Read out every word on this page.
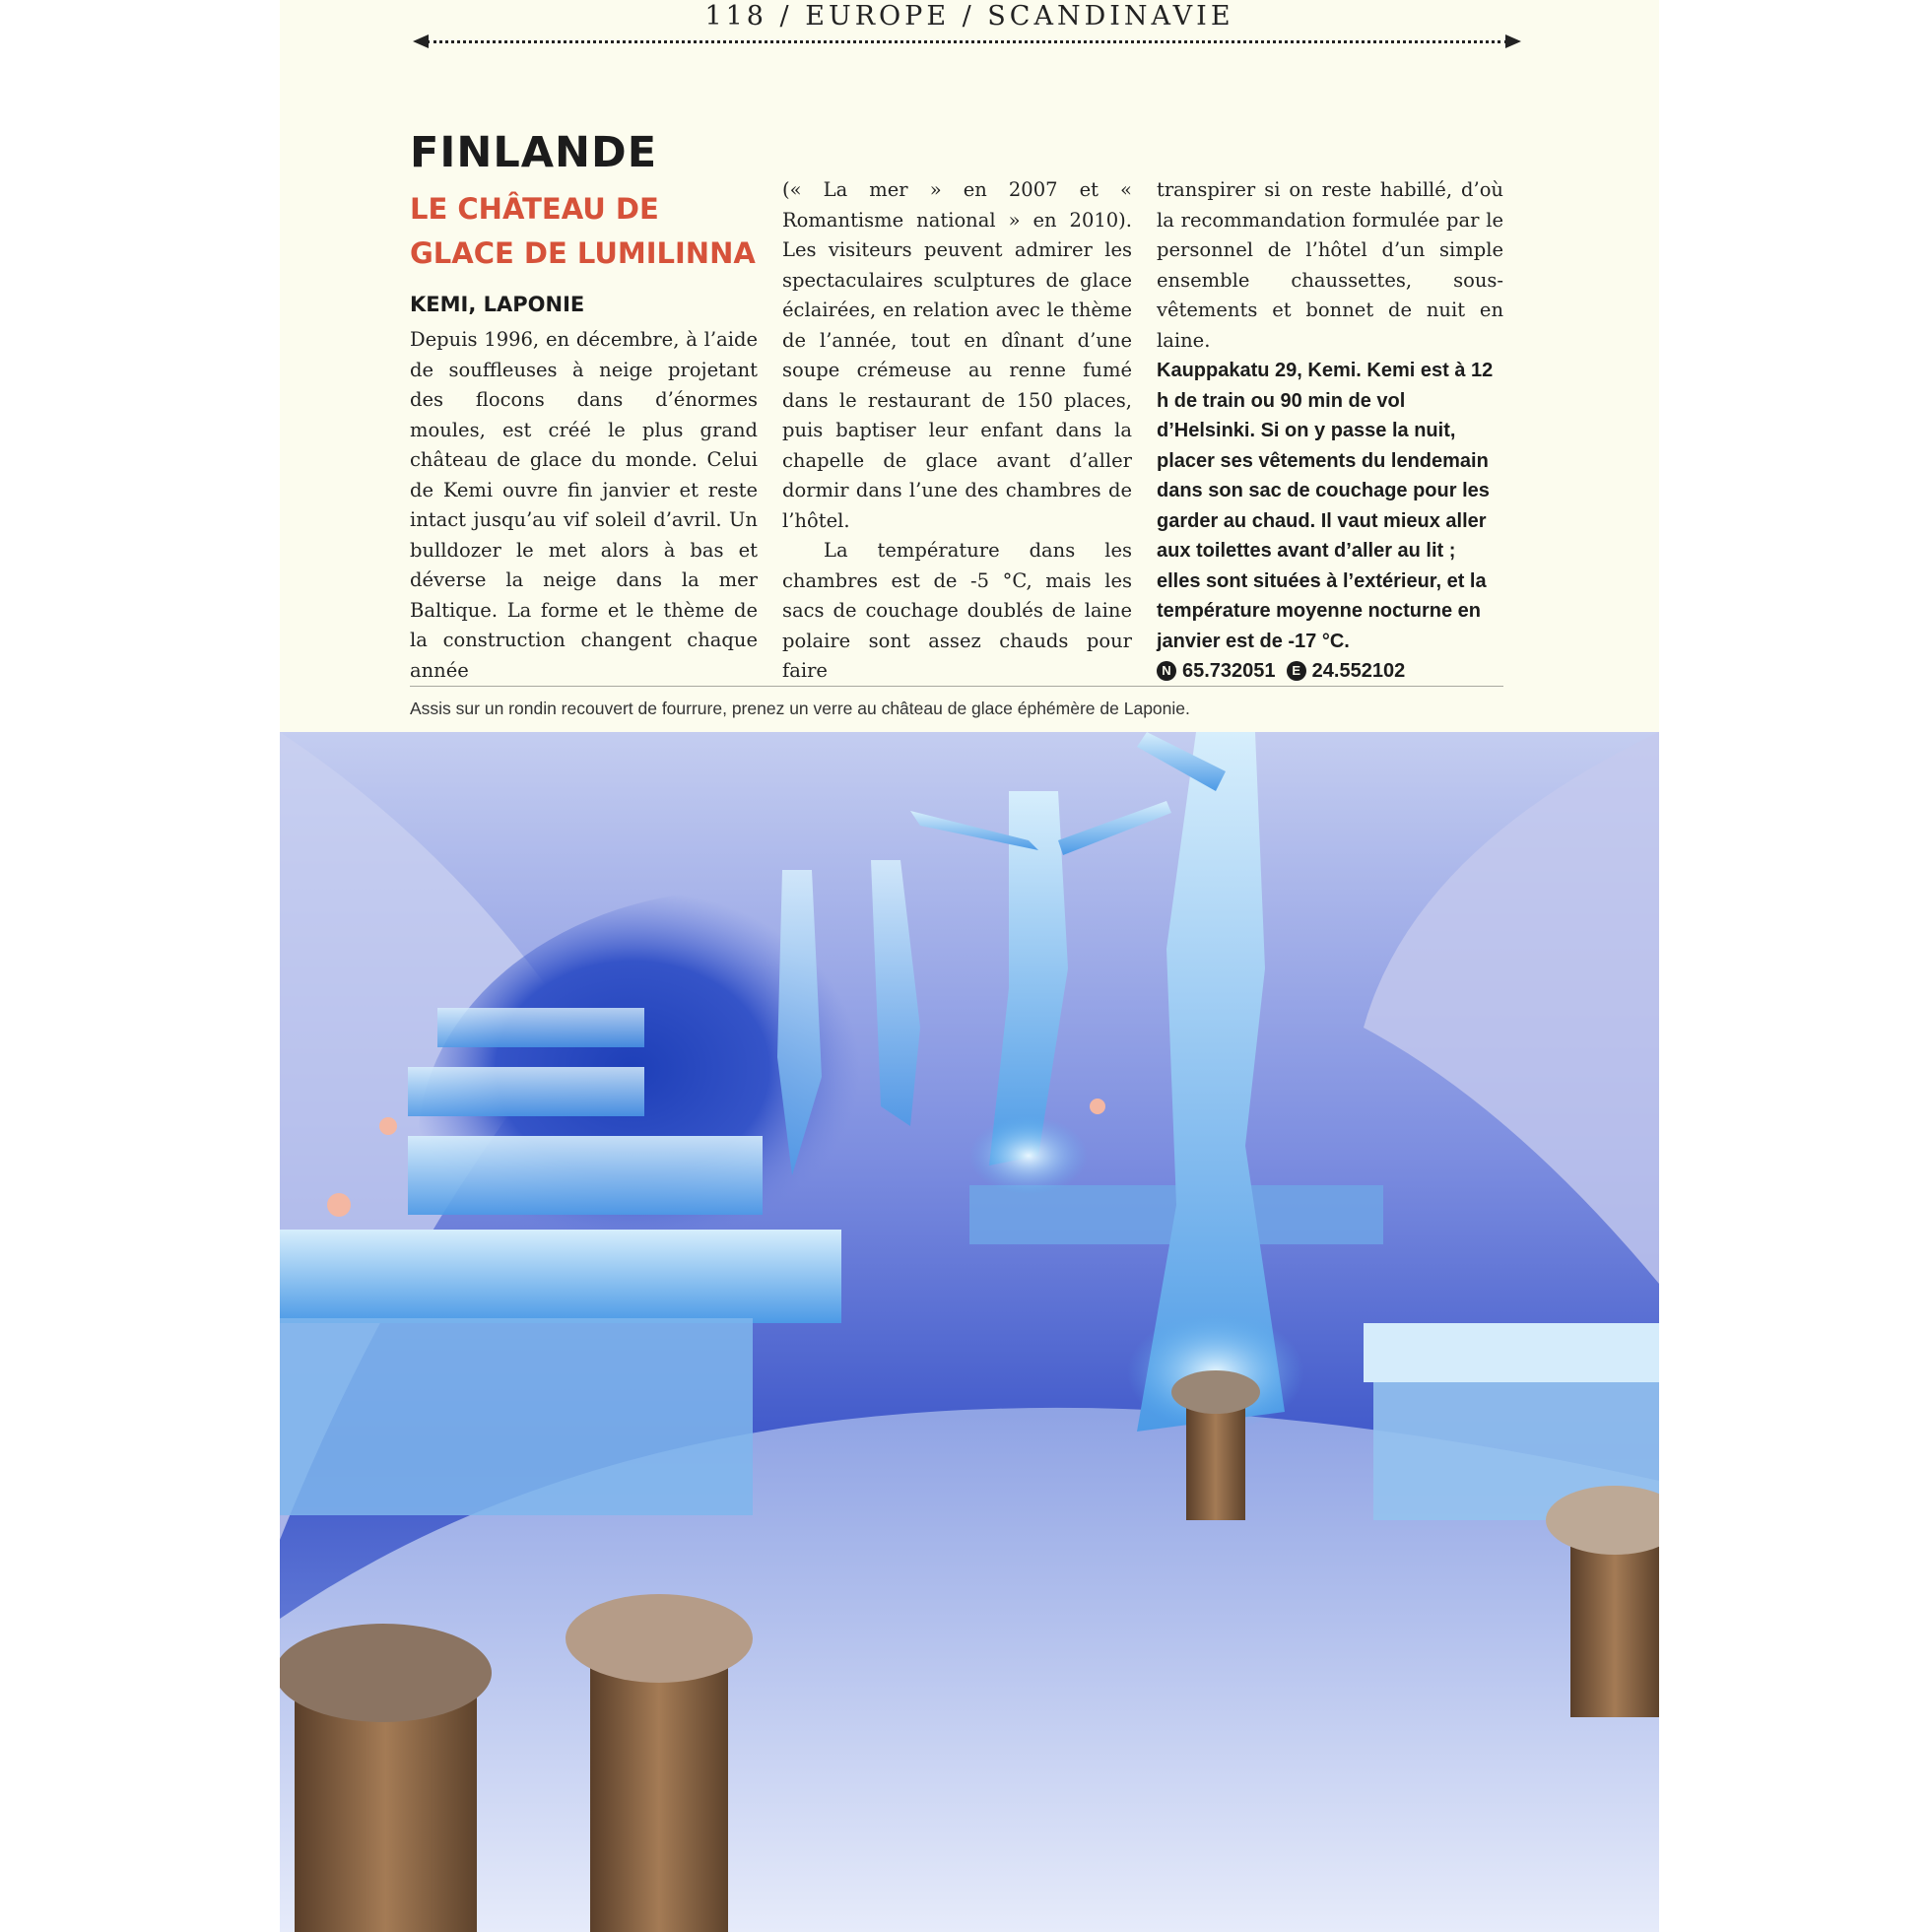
118 / EUROPE / SCANDINAVIE
FINLANDE
LE CHÂTEAU DE
GLACE DE LUMILINNA
KEMI, LAPONIE

Depuis 1996, en décembre, à l’aide de souffleuses à neige projetant des flocons dans d’énormes moules, est créé le plus grand château de glace du monde. Celui de Kemi ouvre fin janvier et reste intact jusqu’au vif soleil d’avril. Un bulldozer le met alors à bas et déverse la neige dans la mer Baltique. La forme et le thème de la construction changent chaque année

(« La mer » en 2007 et « Romantisme national » en 2010). Les visiteurs peuvent admirer les spectaculaires sculptures de glace éclairées, en relation avec le thème de l’année, tout en dînant d’une soupe crémeuse au renne fumé dans le restaurant de 150 places, puis baptiser leur enfant dans la chapelle de glace avant d’aller dormir dans l’une des chambres de l’hôtel.

La température dans les chambres est de -5 °C, mais les sacs de couchage doublés de laine polaire sont assez chauds pour faire

transpirer si on reste habillé, d’où la recommandation formulée par le personnel de l’hôtel d’un simple ensemble chaussettes, sous-vêtements et bonnet de nuit en laine.

Kauppakatu 29, Kemi. Kemi est à 12 h de train ou 90 min de vol d’Helsinki. Si on y passe la nuit, placer ses vêtements du lendemain dans son sac de couchage pour les garder au chaud. Il vaut mieux aller aux toilettes avant d’aller au lit ; elles sont situées à l’extérieur, et la température moyenne nocturne en janvier est de -17 °C.

N 65.732051 E 24.552102
Assis sur un rondin recouvert de fourrure, prenez un verre au château de glace éphémère de Laponie.
